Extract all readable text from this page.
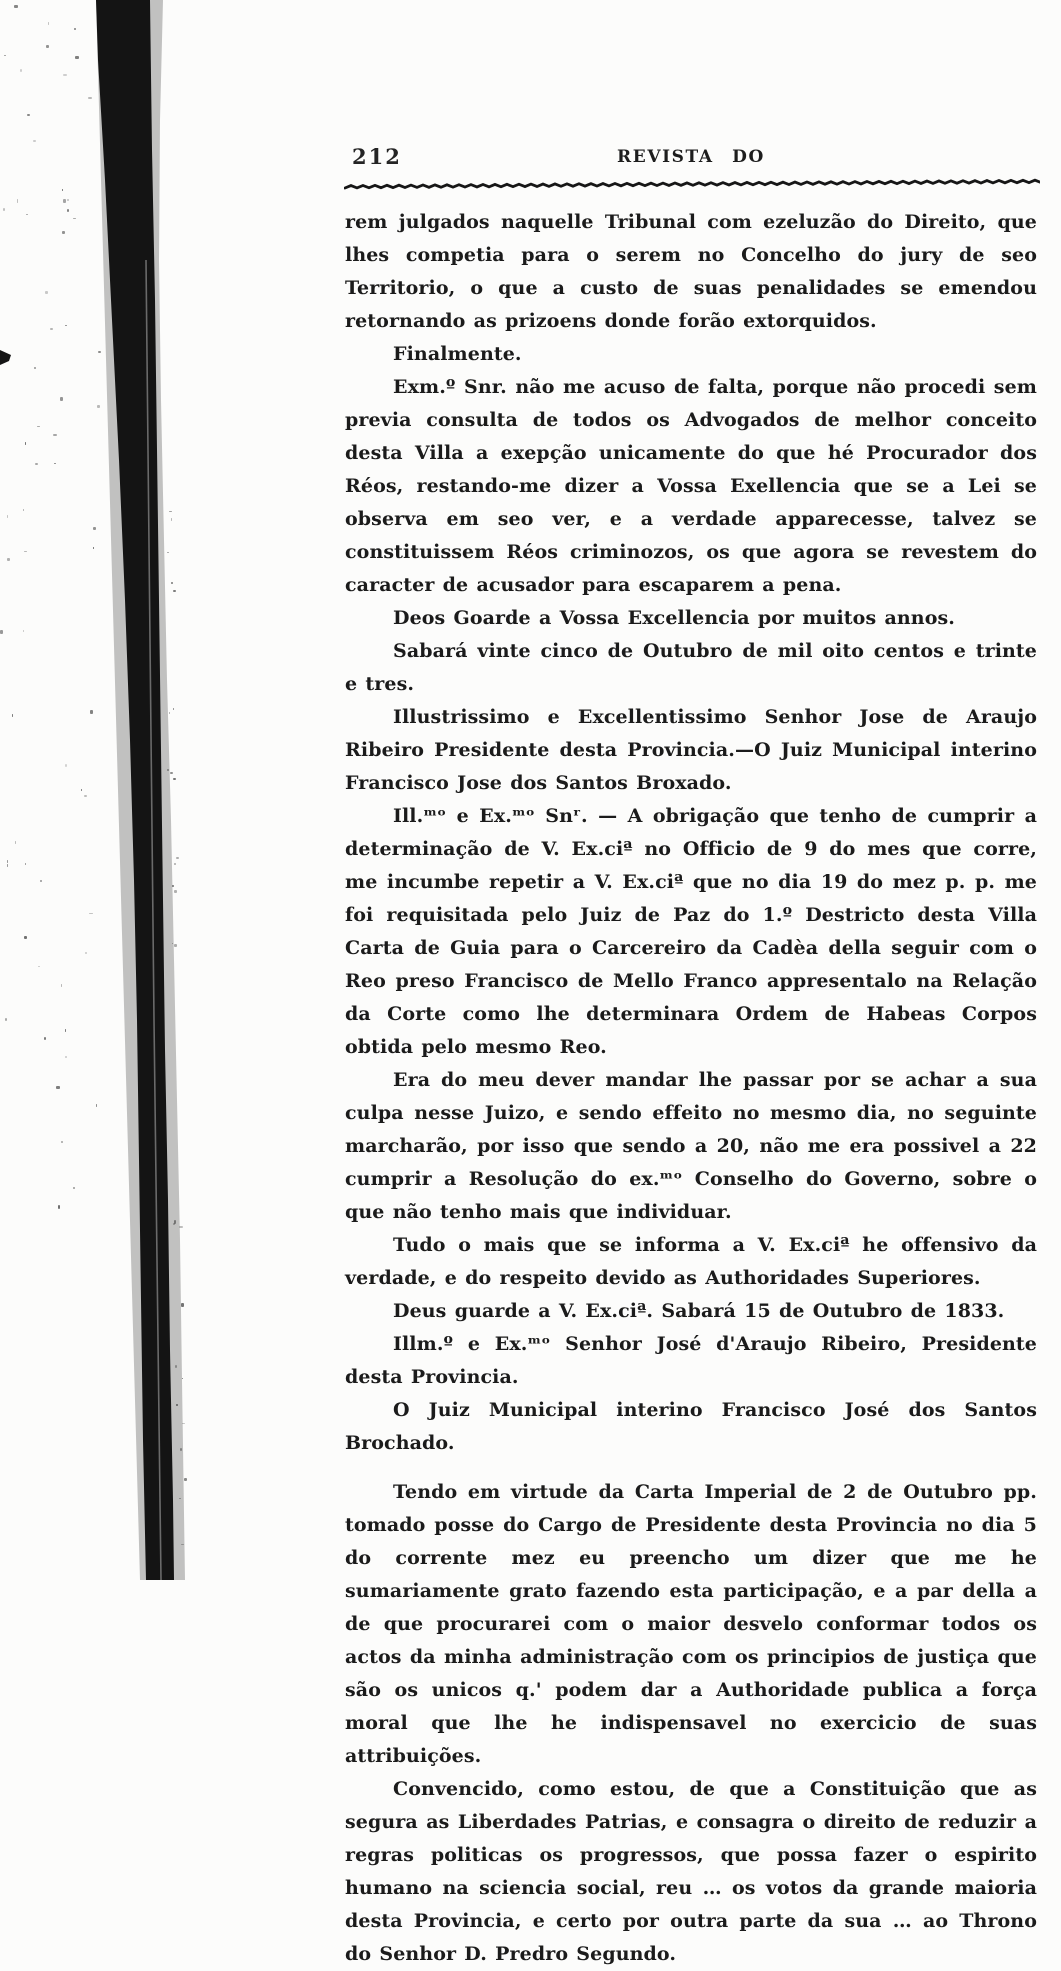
212	REVISTA DO

rem julgados naquelle Tribunal com ezeluzão do Direito, que lhes competia para o serem no Concelho do jury de seo Territorio, o que a custo de suas penalidades se emendou retornando as prizoens donde forão extorquidos.

Finalmente.

Exm.º Snr. não me acuso de falta, porque não procedi sem previa consulta de todos os Advogados de melhor conceito desta Villa a exepção unicamente do que hé Procurador dos Réos, restando-me dizer a Vossa Exellencia que se a Lei se observa em seo ver, e a verdade apparecesse, talvez se constituissem Réos criminozos, os que agora se revestem do caracter de acusador para escaparem a pena.

Deos Goarde a Vossa Excellencia por muitos annos.

Sabará vinte cinco de Outubro de mil oito centos e trinte e tres.

Illustrissimo e Excellentissimo Senhor Jose de Araujo Ribeiro Presidente desta Provincia.—O Juiz Municipal interino Francisco Jose dos Santos Broxado.

Ill.ᵐᵒ e Ex.ᵐᵒ Snʳ. — A obrigação que tenho de cumprir a determinação de V. Ex.ciª no Officio de 9 do mes que corre, me incumbe repetir a V. Ex.ciª que no dia 19 do mez p. p. me foi requisitada pelo Juiz de Paz do 1.º Destricto desta Villa Carta de Guia para o Carcereiro da Cadèa della seguir com o Reo preso Francisco de Mello Franco appresentalo na Relação da Corte como lhe determinara Ordem de Habeas Corpos obtida pelo mesmo Reo.

Era do meu dever mandar lhe passar por se achar a sua culpa nesse Juizo, e sendo effeito no mesmo dia, no seguinte marcharão, por isso que sendo a 20, não me era possivel a 22 cumprir a Resolução do ex.ᵐᵒ Conselho do Governo, sobre o que não tenho mais que individuar.

Tudo o mais que se informa a V. Ex.ciª he offensivo da verdade, e do respeito devido as Authoridades Superiores.

Deus guarde a V. Ex.ciª. Sabará 15 de Outubro de 1833.

Illm.º e Ex.ᵐᵒ Senhor José d'Araujo Ribeiro, Presidente desta Provincia.

O Juiz Municipal interino Francisco José dos Santos Brochado.

Tendo em virtude da Carta Imperial de 2 de Outubro pp. tomado posse do Cargo de Presidente desta Provincia no dia 5 do corrente mez eu preencho um dizer que me he sumariamente grato fazendo esta participação, e a par della a de que procurarei com o maior desvelo conformar todos os actos da minha administração com os principios de justiça que são os unicos q.' podem dar a Authoridade publica a força moral que lhe he indispensavel no exercicio de suas attribuições.

Convencido, como estou, de que a Constituição que as segura as Liberdades Patrias, e consagra o direito de reduzir a regras politicas os progressos, que possa fazer o espirito humano na sciencia social, reu … os votos da grande maioria desta Provincia, e certo por outra parte da sua … ao Throno do Senhor D. Predro Segundo.
